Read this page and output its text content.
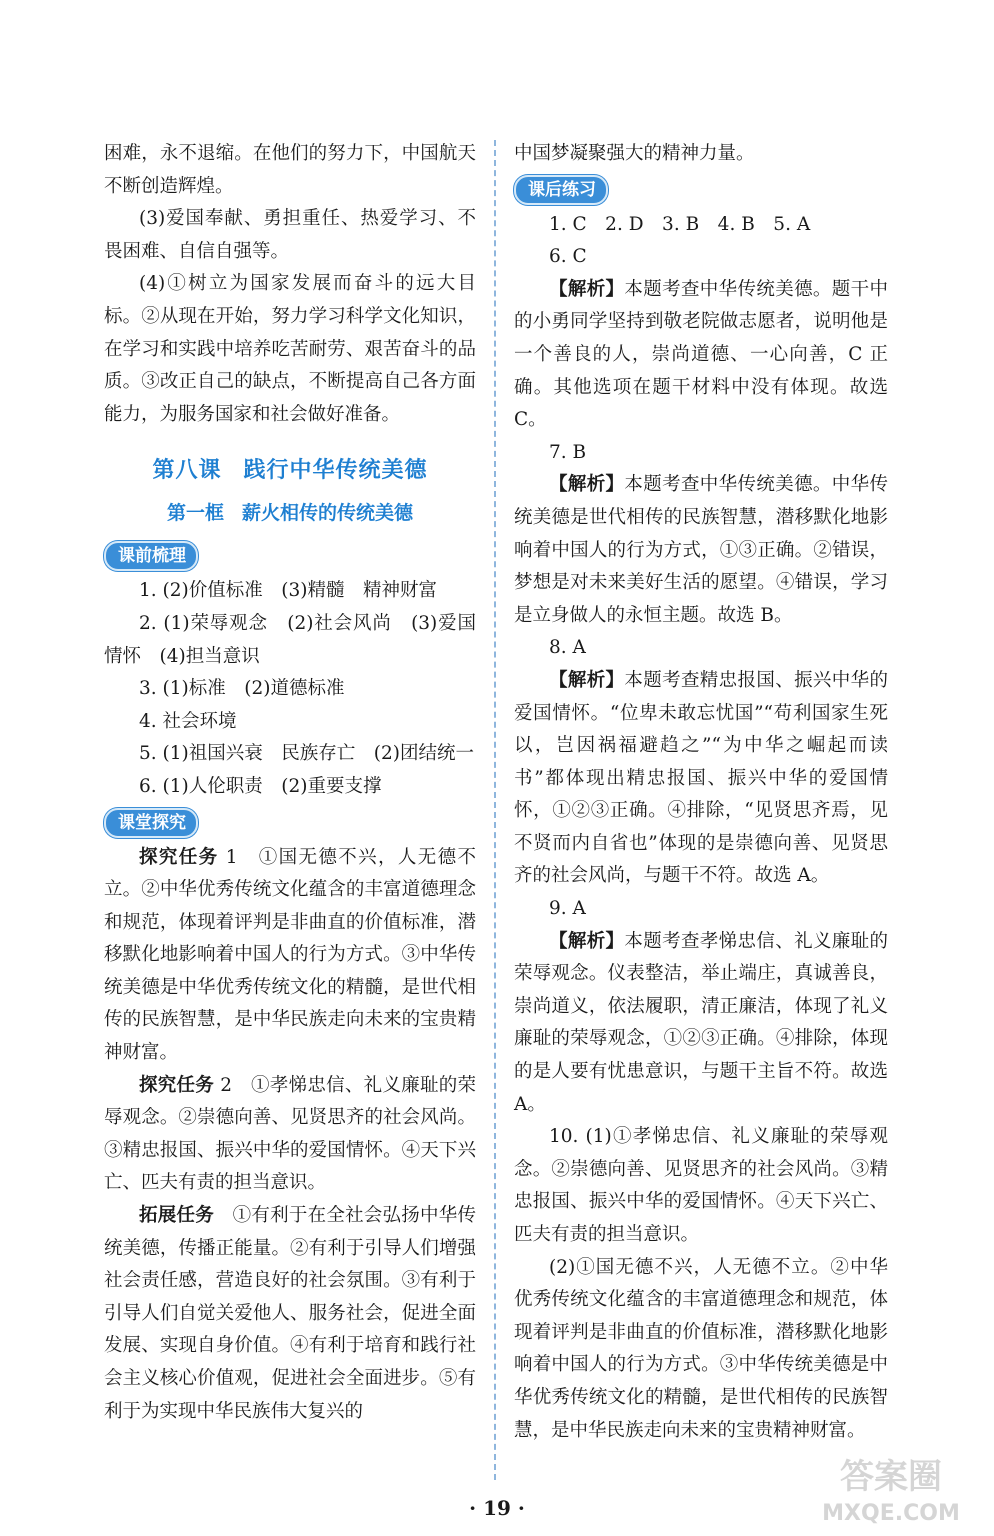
困难，永不退缩。在他们的努力下，中国航天不断创造辉煌。

(3)爱国奉献、勇担重任、热爱学习、不畏困难、自信自强等。

(4)①树立为国家发展而奋斗的远大目标。②从现在开始，努力学习科学文化知识，在学习和实践中培养吃苦耐劳、艰苦奋斗的品质。③改正自己的缺点，不断提高自己各方面能力，为服务国家和社会做好准备。

第八课 践行中华传统美德
第一框 薪火相传的传统美德
课前梳理

1. (2)价值标准　(3)精髓　精神财富

2. (1)荣辱观念　(2)社会风尚　(3)爱国情怀　(4)担当意识

3. (1)标准　(2)道德标准

4. 社会环境

5. (1)祖国兴衰　民族存亡　(2)团结统一

6. (1)人伦职责　(2)重要支撑

课堂探究

探究任务 1　①国无德不兴，人无德不立。②中华优秀传统文化蕴含的丰富道德理念和规范，体现着评判是非曲直的价值标准，潜移默化地影响着中国人的行为方式。③中华传统美德是中华优秀传统文化的精髓，是世代相传的民族智慧，是中华民族走向未来的宝贵精神财富。

探究任务 2　①孝悌忠信、礼义廉耻的荣辱观念。②崇德向善、见贤思齐的社会风尚。③精忠报国、振兴中华的爱国情怀。④天下兴亡、匹夫有责的担当意识。

拓展任务　①有利于在全社会弘扬中华传统美德，传播正能量。②有利于引导人们增强社会责任感，营造良好的社会氛围。③有利于引导人们自觉关爱他人、服务社会，促进全面发展、实现自身价值。④有利于培育和践行社会主义核心价值观，促进社会全面进步。⑤有利于为实现中华民族伟大复兴的

中国梦凝聚强大的精神力量。

课后练习

1. C　2. D　3. B　4. B　5. A

6. C

【解析】本题考查中华传统美德。题干中的小勇同学坚持到敬老院做志愿者，说明他是一个善良的人，崇尚道德、一心向善，C 正确。其他选项在题干材料中没有体现。故选 C。

7. B

【解析】本题考查中华传统美德。中华传统美德是世代相传的民族智慧，潜移默化地影响着中国人的行为方式，①③正确。②错误，梦想是对未来美好生活的愿望。④错误，学习是立身做人的永恒主题。故选 B。

8. A

【解析】本题考查精忠报国、振兴中华的爱国情怀。“位卑未敢忘忧国”“苟利国家生死以，岂因祸福避趋之”“为中华之崛起而读书”都体现出精忠报国、振兴中华的爱国情怀，①②③正确。④排除，“见贤思齐焉，见不贤而内自省也”体现的是崇德向善、见贤思齐的社会风尚，与题干不符。故选 A。

9. A

【解析】本题考查孝悌忠信、礼义廉耻的荣辱观念。仪表整洁，举止端庄，真诚善良，崇尚道义，依法履职，清正廉洁，体现了礼义廉耻的荣辱观念，①②③正确。④排除，体现的是人要有忧患意识，与题干主旨不符。故选 A。

10. (1)①孝悌忠信、礼义廉耻的荣辱观念。②崇德向善、见贤思齐的社会风尚。③精忠报国、振兴中华的爱国情怀。④天下兴亡、匹夫有责的担当意识。

(2)①国无德不兴，人无德不立。②中华优秀传统文化蕴含的丰富道德理念和规范，体现着评判是非曲直的价值标准，潜移默化地影响着中国人的行为方式。③中华传统美德是中华优秀传统文化的精髓，是世代相传的民族智慧，是中华民族走向未来的宝贵精神财富。

· 19 ·
答案圈
MXQE.COM
